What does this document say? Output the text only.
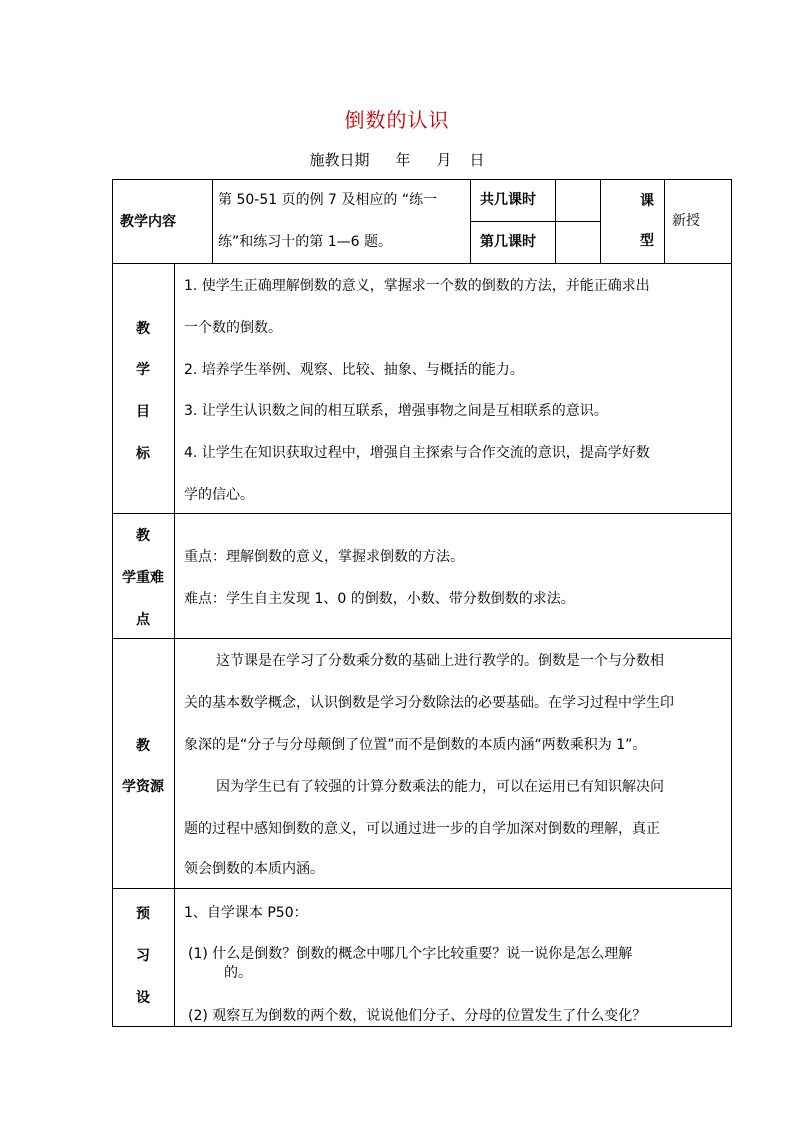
倒数的认识
施教日期 年 月 日
教学内容
第 50-51 页的例 7 及相应的 “练一
练”和练习十的第 1—6 题。
共几课时
第几课时
课
型
新授
教
学
目
标
1. 使学生正确理解倒数的意义，掌握求一个数的倒数的方法，并能正确求出
一个数的倒数。
2. 培养学生举例、观察、比较、抽象、与概括的能力。
3. 让学生认识数之间的相互联系，增强事物之间是互相联系的意识。
4. 让学生在知识获取过程中，增强自主探索与合作交流的意识，提高学好数
学的信心。
教
学重难
点
重点：理解倒数的意义，掌握求倒数的方法。
难点：学生自主发现 1、0 的倒数，小数、带分数倒数的求法。
教
学资源
这节课是在学习了分数乘分数的基础上进行教学的。倒数是一个与分数相
关的基本数学概念，认识倒数是学习分数除法的必要基础。在学习过程中学生印
象深的是“分子与分母颠倒了位置”而不是倒数的本质内涵“两数乘积为 1”。
因为学生已有了较强的计算分数乘法的能力，可以在运用已有知识解决问
题的过程中感知倒数的意义，可以通过进一步的自学加深对倒数的理解，真正
领会倒数的本质内涵。
预
习
设
1、自学课本 P50：
(1) 什么是倒数？倒数的概念中哪几个字比较重要？说一说你是怎么理解
的。
(2) 观察互为倒数的两个数，说说他们分子、分母的位置发生了什么变化？
